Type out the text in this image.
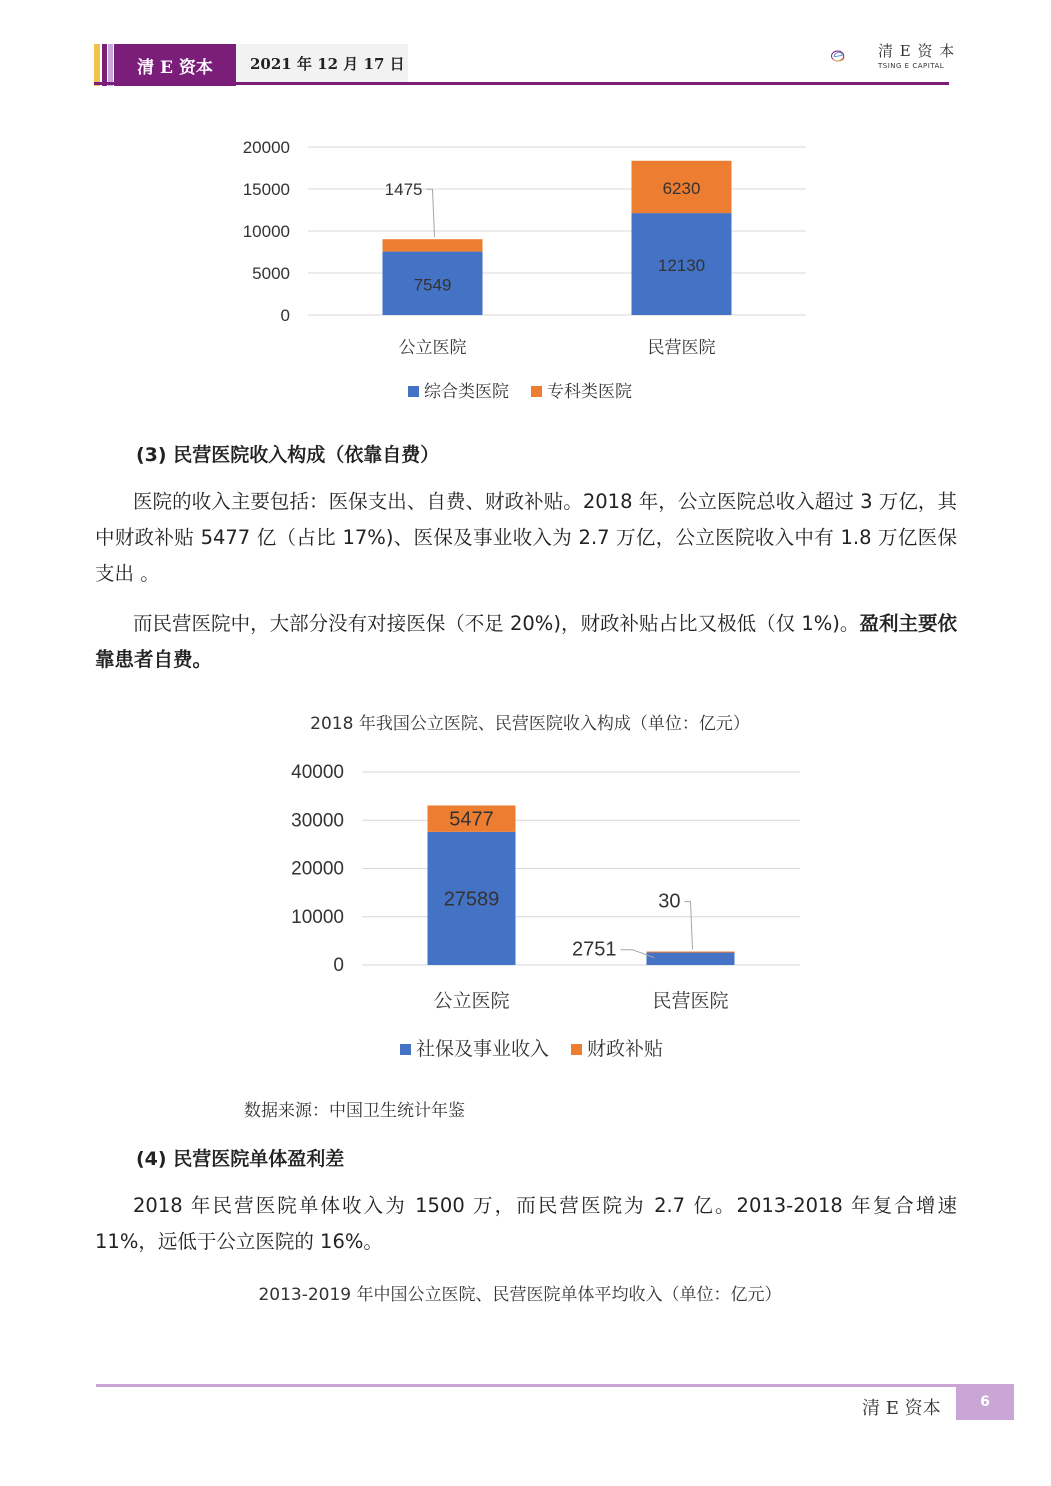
清 E 资本	2021 年 12 月 17 日
清 E 资 本
TSING E CAPITAL
0
5000
10000
15000
20000
7549
1475
公立医院
12130
6230
民营医院
综合类医院 专科类医院
(3) 民营医院收入构成（依靠自费）
医院的收入主要包括：医保支出、自费、财政补贴。2018 年，公立医院总收入超过 3 万亿，其中财政补贴 5477 亿（占比 17%)、医保及事业收入为 2.7 万亿，公立医院收入中有 1.8 万亿医保支出 。
而民营医院中，大部分没有对接医保（不足 20%)，财政补贴占比又极低（仅 1%)。盈利主要依靠患者自费。
2018 年我国公立医院、民营医院收入构成（单位：亿元）
0
10000
20000
30000
40000
27589
5477
公立医院
2751
30
民营医院
社保及事业收入 财政补贴
数据来源：中国卫生统计年鉴
(4) 民营医院单体盈利差
2018 年民营医院单体收入为 1500 万，而民营医院为 2.7 亿。2013-2018 年复合增速 11%，远低于公立医院的 16%。
2013-2019 年中国公立医院、民营医院单体平均收入（单位：亿元）
清 E 资本	6
